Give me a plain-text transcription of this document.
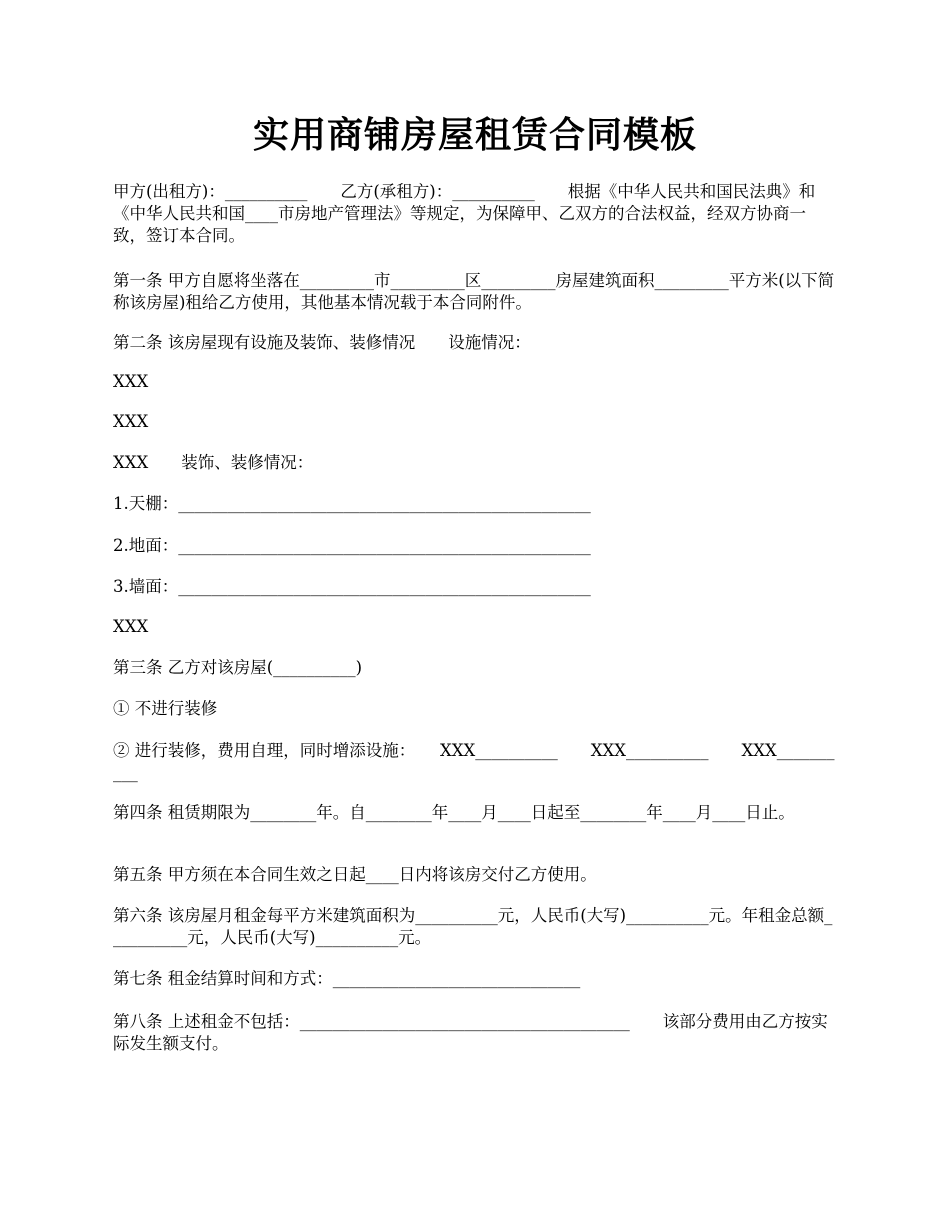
实用商铺房屋租赁合同模板
甲方(出租方)：__________　　乙方(承租方)：__________　　根据《中华人民共和国民法典》和《中华人民共和国____市房地产管理法》等规定，为保障甲、乙双方的合法权益，经双方协商一致，签订本合同。
第一条 甲方自愿将坐落在_________市_________区_________房屋建筑面积_________平方米(以下简称该房屋)租给乙方使用，其他基本情况载于本合同附件。
第二条 该房屋现有设施及装饰、装修情况　　设施情况：
XXX
XXX
XXX　　装饰、装修情况：
1.天棚：__________________________________________________
2.地面：__________________________________________________
3.墙面：__________________________________________________
XXX
第三条 乙方对该房屋(__________)
① 不进行装修
② 进行装修，费用自理，同时增添设施：　　XXX__________　　XXX__________　　XXX__________
第四条 租赁期限为________年。自________年____月____日起至________年____月____日止。
第五条 甲方须在本合同生效之日起____日内将该房交付乙方使用。
第六条 该房屋月租金每平方米建筑面积为__________元，人民币(大写)__________元。年租金总额__________元，人民币(大写)__________元。
第七条 租金结算时间和方式：______________________________
第八条 上述租金不包括：________________________________________　　该部分费用由乙方按实际发生额支付。
